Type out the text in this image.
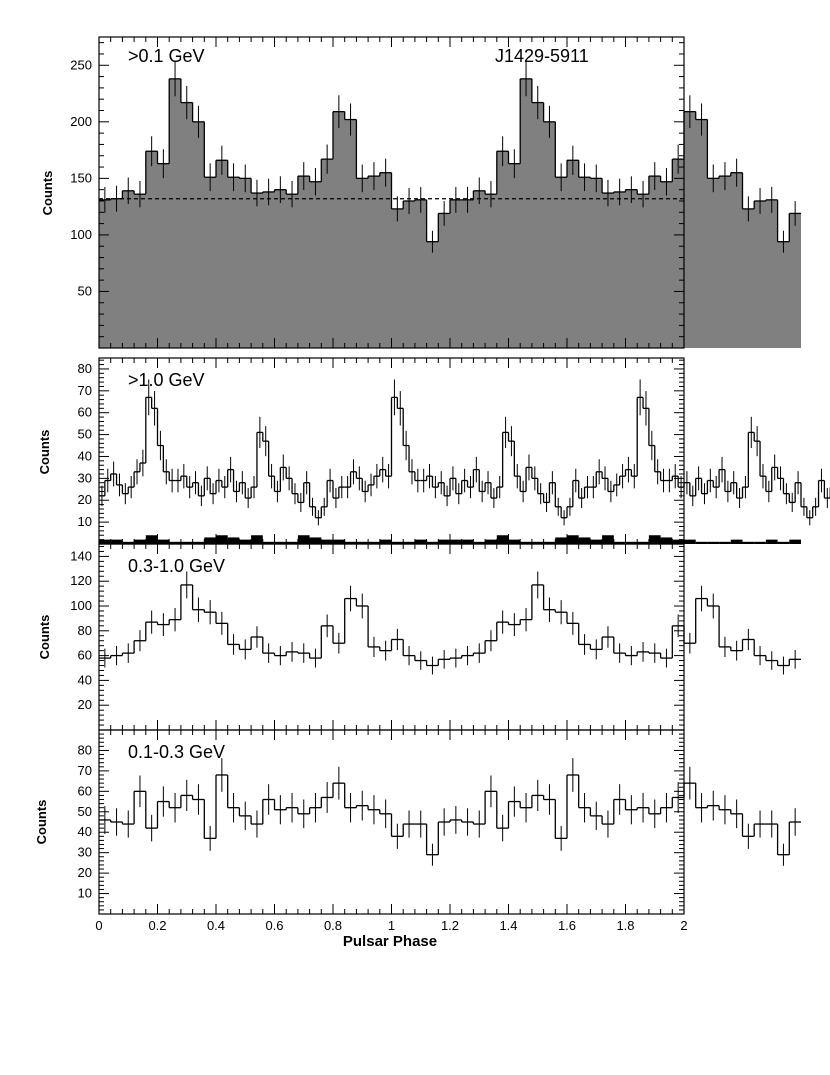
50
100
150
200
250
10
20
30
40
50
60
70
80
20
40
60
80
100
120
140
10
20
30
40
50
60
70
80
0	0.2	0.4	0.6	0.8	1	1.2	1.4	1.6	1.8	2
>0.1 GeV	J1429-5911
>1.0 GeV
0.3-1.0 GeV
0.1-0.3 GeV
Counts
Counts
Counts
Counts
Pulsar Phase
